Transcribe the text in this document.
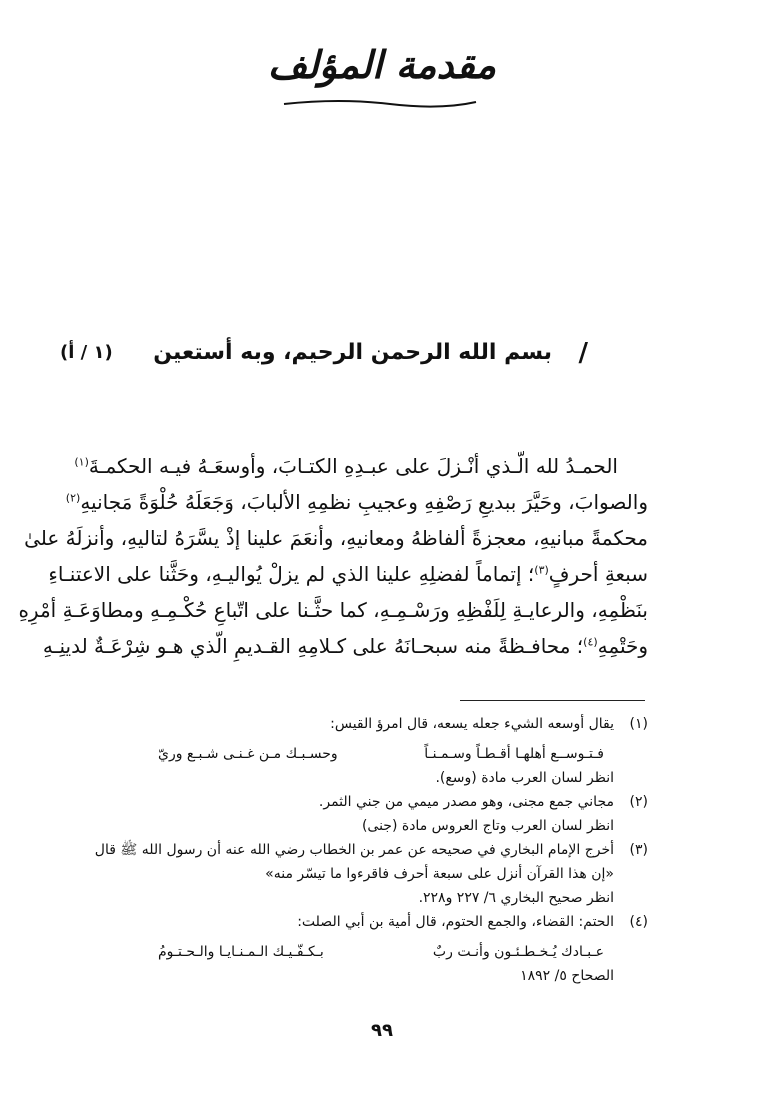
مقدمة المؤلف
/
بسم الله الرحمن الرحيم، وبه أستعين
(١ / أ)
الحمـدُ لله الّـذي أنْـزلَ على عبـدِهِ الكتـابَ، وأوسعَـهُ فيـه الحكمـةَ$^{(١)}$
والصوابَ، وحَيَّرَ ببديعِ رَصْفِهِ وعجيبِ نظمِهِ الألبابَ، وَجَعَلَهُ حُلْوَةً مَجانيهِ$^{(٢)}$
محكمةً مبانيهِ، معجزةً ألفاظهُ ومعانيهِ، وأنعَمَ علينا إذْ يسَّرَهُ لتاليهِ، وأنزلَهُ علىٰ
سبعةِ أحرفٍ$^{(٣)}$؛ إتماماً لفضلِهِ علينا الذي لم يزلْ يُواليـهِ، وحَثَّنا على الاعتنـاءِ
بنَظْمِهِ، والرعايـةِ لِلَفْظِهِ ورَسْـمِـهِ، كما حثَّـنا على اتّباعِ حُكْـمِـهِ ومطاوَعَـةِ أمْرِهِ
وحَتْمِهِ$^{(٤)}$؛ محافـظةً منه سبحـانَهُ على كـلامِهِ القـديمِ الّذي هـو شِرْعَـةٌ لدينِـهِ
(١)
يقال أوسعه الشيء جعله يسعه، قال امرؤ القيس:
فـتـوســع أهلهـا أقـطـاً وسـمـنـاً
وحسـبـك مـن غـنـى شـبـع وريّ
انظر لسان العرب مادة (وسع).
(٢)
مجاني جمع مجنى، وهو مصدر ميمي من جني الثمر.
انظر لسان العرب وتاج العروس مادة (جنى)
(٣)
أخرج الإمام البخاري في صحيحه عن عمر بن الخطاب رضي الله عنه أن رسول الله ﷺ قال
«إن هذا القرآن أنزل على سبعة أحرف فاقرءوا ما تيسّر منه»
انظر صحيح البخاري ٦/ ٢٢٧ و٢٢٨.
(٤)
الحتم: القضاء، والجمع الحتوم، قال أمية بن أبي الصلت:
عـبـادك يُـخـطـئـون وأنـت ربٌ
بـكـفّـيـك الـمـنـايـا والـحـتـومُ
الصحاح ٥/ ١٨٩٢
٩٩
